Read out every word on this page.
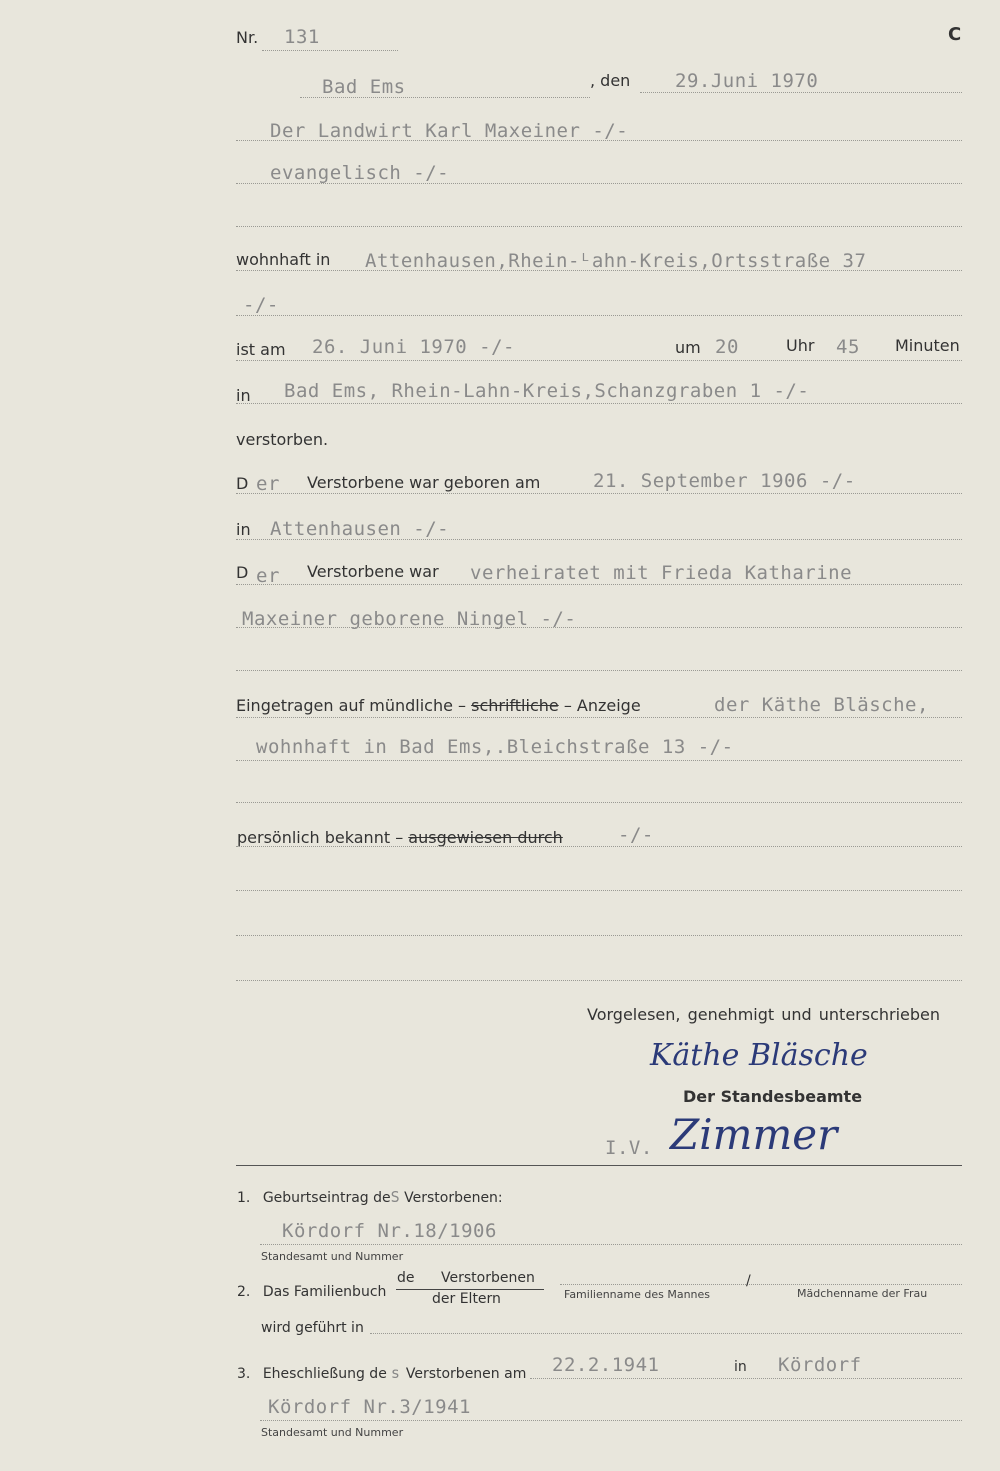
Nr. 131	C
Bad Ems	, den 29.Juni 1970
Der Landwirt Karl Maxeiner -/-
evangelisch -/-
wohnhaft in Attenhausen,Rhein-ᴸahn-Kreis,Ortsstraße 37
-/-
ist am 26. Juni 1970 -/-	um 20	Uhr 45 Minuten
in Bad Ems, Rhein-Lahn-Kreis,Schanzgraben 1 -/-
verstorben.
D er Verstorbene war geboren am	21. September 1906 -/-
in Attenhausen -/-
D er Verstorbene war verheiratet mit Frieda Katharine
Maxeiner geborene Ningel -/-
Eingetragen auf mündliche – schriftliche – Anzeige	der Käthe Bläsche,
wohnhaft in Bad Ems,.Bleichstraße 13 -/-
persönlich bekannt – ausgewiesen durch	-/-
Vorgelesen, genehmigt und unterschrieben
Käthe Bläsche
Der Standesbeamte
I.V. Zimmer
1. Geburtseintrag deS Verstorbenen:
Kördorf Nr.18/1906
Standesamt und Nummer
2. Das Familienbuch
de Verstorbenen
der Eltern	Familienname des Mannes
/
Mädchenname der Frau
wird geführt in
3. Eheschließung de s Verstorbenen am 22.2.1941	in Kördorf
Kördorf Nr.3/1941
Standesamt und Nummer
